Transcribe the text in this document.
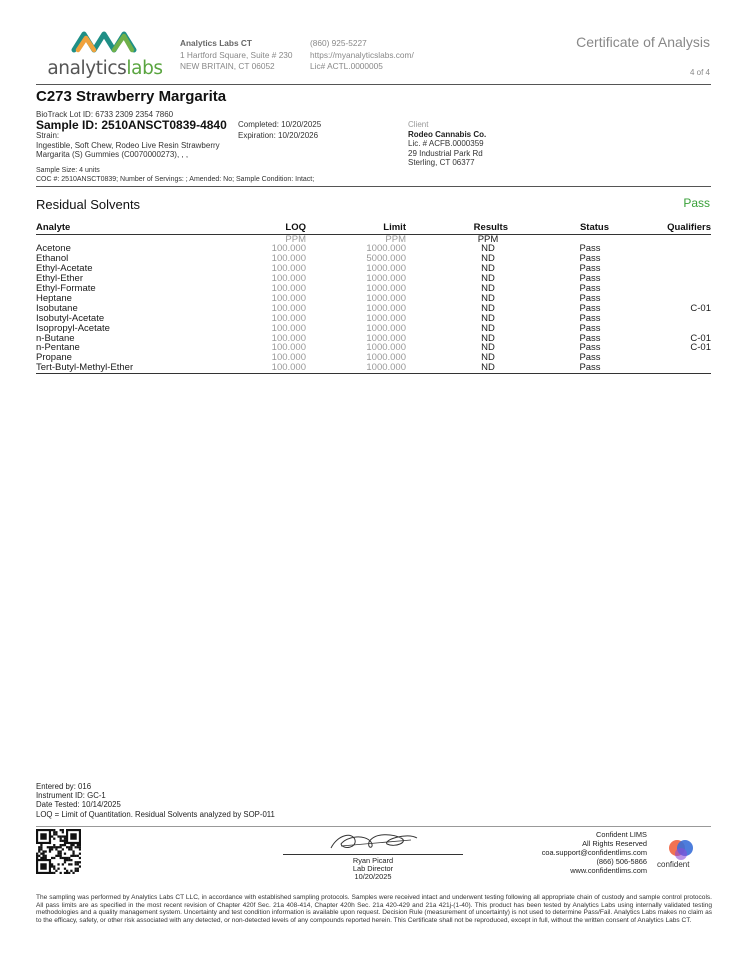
analyticslabs
Analytics Labs CT
1 Hartford Square, Suite # 230
NEW BRITAIN, CT 06052
(860) 925-5227
https://myanalyticslabs.com/
Lic# ACTL.0000005
Certificate of Analysis
4 of 4
C273 Strawberry Margarita
BioTrack Lot ID: 6733 2309 2354 7860
Sample ID: 2510ANSCT0839-4840 Completed: 10/20/2025
Expiration: 10/20/2026
Strain:
Ingestible, Soft Chew, Rodeo Live Resin Strawberry
Margarita (S) Gummies (C0070000273), , ,
Client
Rodeo Cannabis Co.
Lic. # ACFB.0000359
29 Industrial Park Rd
Sterling, CT 06377
Sample Size: 4 units
COC #: 2510ANSCT0839; Number of Servings: ; Amended: No; Sample Condition: Intact;
Residual Solvents	Pass
Analyte	LOQ	Limit	Results	Status	Qualifiers
	PPM	PPM	PPM		
Acetone	100.000	1000.000	ND	Pass	
Ethanol	100.000	5000.000	ND	Pass	
Ethyl-Acetate	100.000	1000.000	ND	Pass	
Ethyl-Ether	100.000	1000.000	ND	Pass	
Ethyl-Formate	100.000	1000.000	ND	Pass	
Heptane	100.000	1000.000	ND	Pass	
Isobutane	100.000	1000.000	ND	Pass	C-01
Isobutyl-Acetate	100.000	1000.000	ND	Pass	
Isopropyl-Acetate	100.000	1000.000	ND	Pass	
n-Butane	100.000	1000.000	ND	Pass	C-01
n-Pentane	100.000	1000.000	ND	Pass	C-01
Propane	100.000	1000.000	ND	Pass	
Tert-Butyl-Methyl-Ether	100.000	1000.000	ND	Pass	
Entered by: 016
Instrument ID: GC-1
Date Tested: 10/14/2025
LOQ = Limit of Quantitation. Residual Solvents analyzed by SOP-011
Ryan Picard
Lab Director
10/20/2025
Confident LIMS
All Rights Reserved
coa.support@confidentlims.com
(866) 506-5866
www.confidentlims.com
confident
The sampling was performed by Analytics Labs CT LLC, in accordance with established sampling protocols. Samples were received intact and underwent testing following all appropriate chain of custody and sample control protocols. All pass limits are as specified in the most recent revision of Chapter 420f Sec. 21a 408-414, Chapter 420h Sec. 21a 420-429 and 21a 421j-(1-40). This product has been tested by Analytics Labs using internally validated testing methodologies and a quality management system. Uncertainty and test condition information is available upon request. Decision Rule (measurement of uncertainty) is not used to determine Pass/Fail. Analytics Labs makes no claim as to the efficacy, safety, or other risk associated with any detected, or non-detected levels of any compounds reported herein. This Certificate shall not be reproduced, except in full, without the written consent of Analytics Labs CT.
